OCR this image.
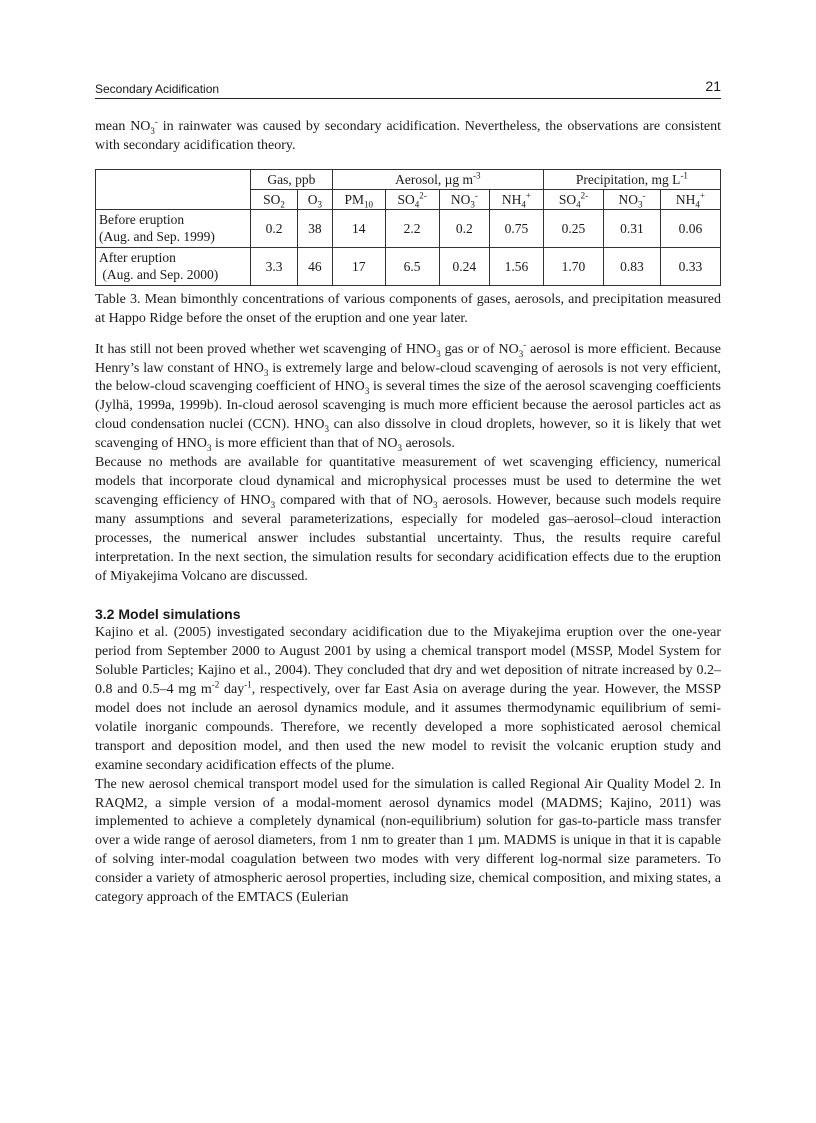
Secondary Acidification	21

mean $NO_3^-$ in rainwater was caused by secondary acidification. Nevertheless, the observations are consistent with secondary acidification theory.

	Gas, ppb		Aerosol, µg $m^{-3}$				Precipitation, mg $L^{-1}$
	$SO_2$	$O_3$	$PM_{10}$	$SO_4^{2-}$	$NO_3^-$	$NH_4^+$	$SO_4^{2-}$	$NO_3^-$	$NH_4^+$
Before eruption
(Aug. and Sep. 1999)	0.2	38	14	2.2	0.2	0.75	0.25	0.31	0.06
After eruption
(Aug. and Sep. 2000)	3.3	46	17	6.5	0.24	1.56	1.70	0.83	0.33

Table 3. Mean bimonthly concentrations of various components of gases, aerosols, and precipitation measured at Happo Ridge before the onset of the eruption and one year later.

It has still not been proved whether wet scavenging of $HNO_3$ gas or of $NO_3^-$ aerosol is more efficient. Because Henry’s law constant of $HNO_3$ is extremely large and below-cloud scavenging of aerosols is not very efficient, the below-cloud scavenging coefficient of $HNO_3$ is several times the size of the aerosol scavenging coefficients (Jylhä, 1999a, 1999b). In-cloud aerosol scavenging is much more efficient because the aerosol particles act as cloud condensation nuclei (CCN). $HNO_3$ can also dissolve in cloud droplets, however, so it is likely that wet scavenging of $HNO_3$ is more efficient than that of $NO_3$ aerosols.

Because no methods are available for quantitative measurement of wet scavenging efficiency, numerical models that incorporate cloud dynamical and microphysical processes must be used to determine the wet scavenging efficiency of $HNO_3$ compared with that of $NO_3$ aerosols. However, because such models require many assumptions and several parameterizations, especially for modeled gas–aerosol–cloud interaction processes, the numerical answer includes substantial uncertainty. Thus, the results require careful interpretation. In the next section, the simulation results for secondary acidification effects due to the eruption of Miyakejima Volcano are discussed.

3.2 Model simulations

Kajino et al. (2005) investigated secondary acidification due to the Miyakejima eruption over the one-year period from September 2000 to August 2001 by using a chemical transport model (MSSP, Model System for Soluble Particles; Kajino et al., 2004). They concluded that dry and wet deposition of nitrate increased by 0.2–0.8 and 0.5–4 mg $m^{-2}$ day$^{-1}$, respectively, over far East Asia on average during the year. However, the MSSP model does not include an aerosol dynamics module, and it assumes thermodynamic equilibrium of semi-volatile inorganic compounds. Therefore, we recently developed a more sophisticated aerosol chemical transport and deposition model, and then used the new model to revisit the volcanic eruption study and examine secondary acidification effects of the plume.

The new aerosol chemical transport model used for the simulation is called Regional Air Quality Model 2. In RAQM2, a simple version of a modal-moment aerosol dynamics model (MADMS; Kajino, 2011) was implemented to achieve a completely dynamical (non-equilibrium) solution for gas-to-particle mass transfer over a wide range of aerosol diameters, from 1 nm to greater than 1 µm. MADMS is unique in that it is capable of solving inter-modal coagulation between two modes with very different log-normal size parameters. To consider a variety of atmospheric aerosol properties, including size, chemical composition, and mixing states, a category approach of the EMTACS (Eulerian
